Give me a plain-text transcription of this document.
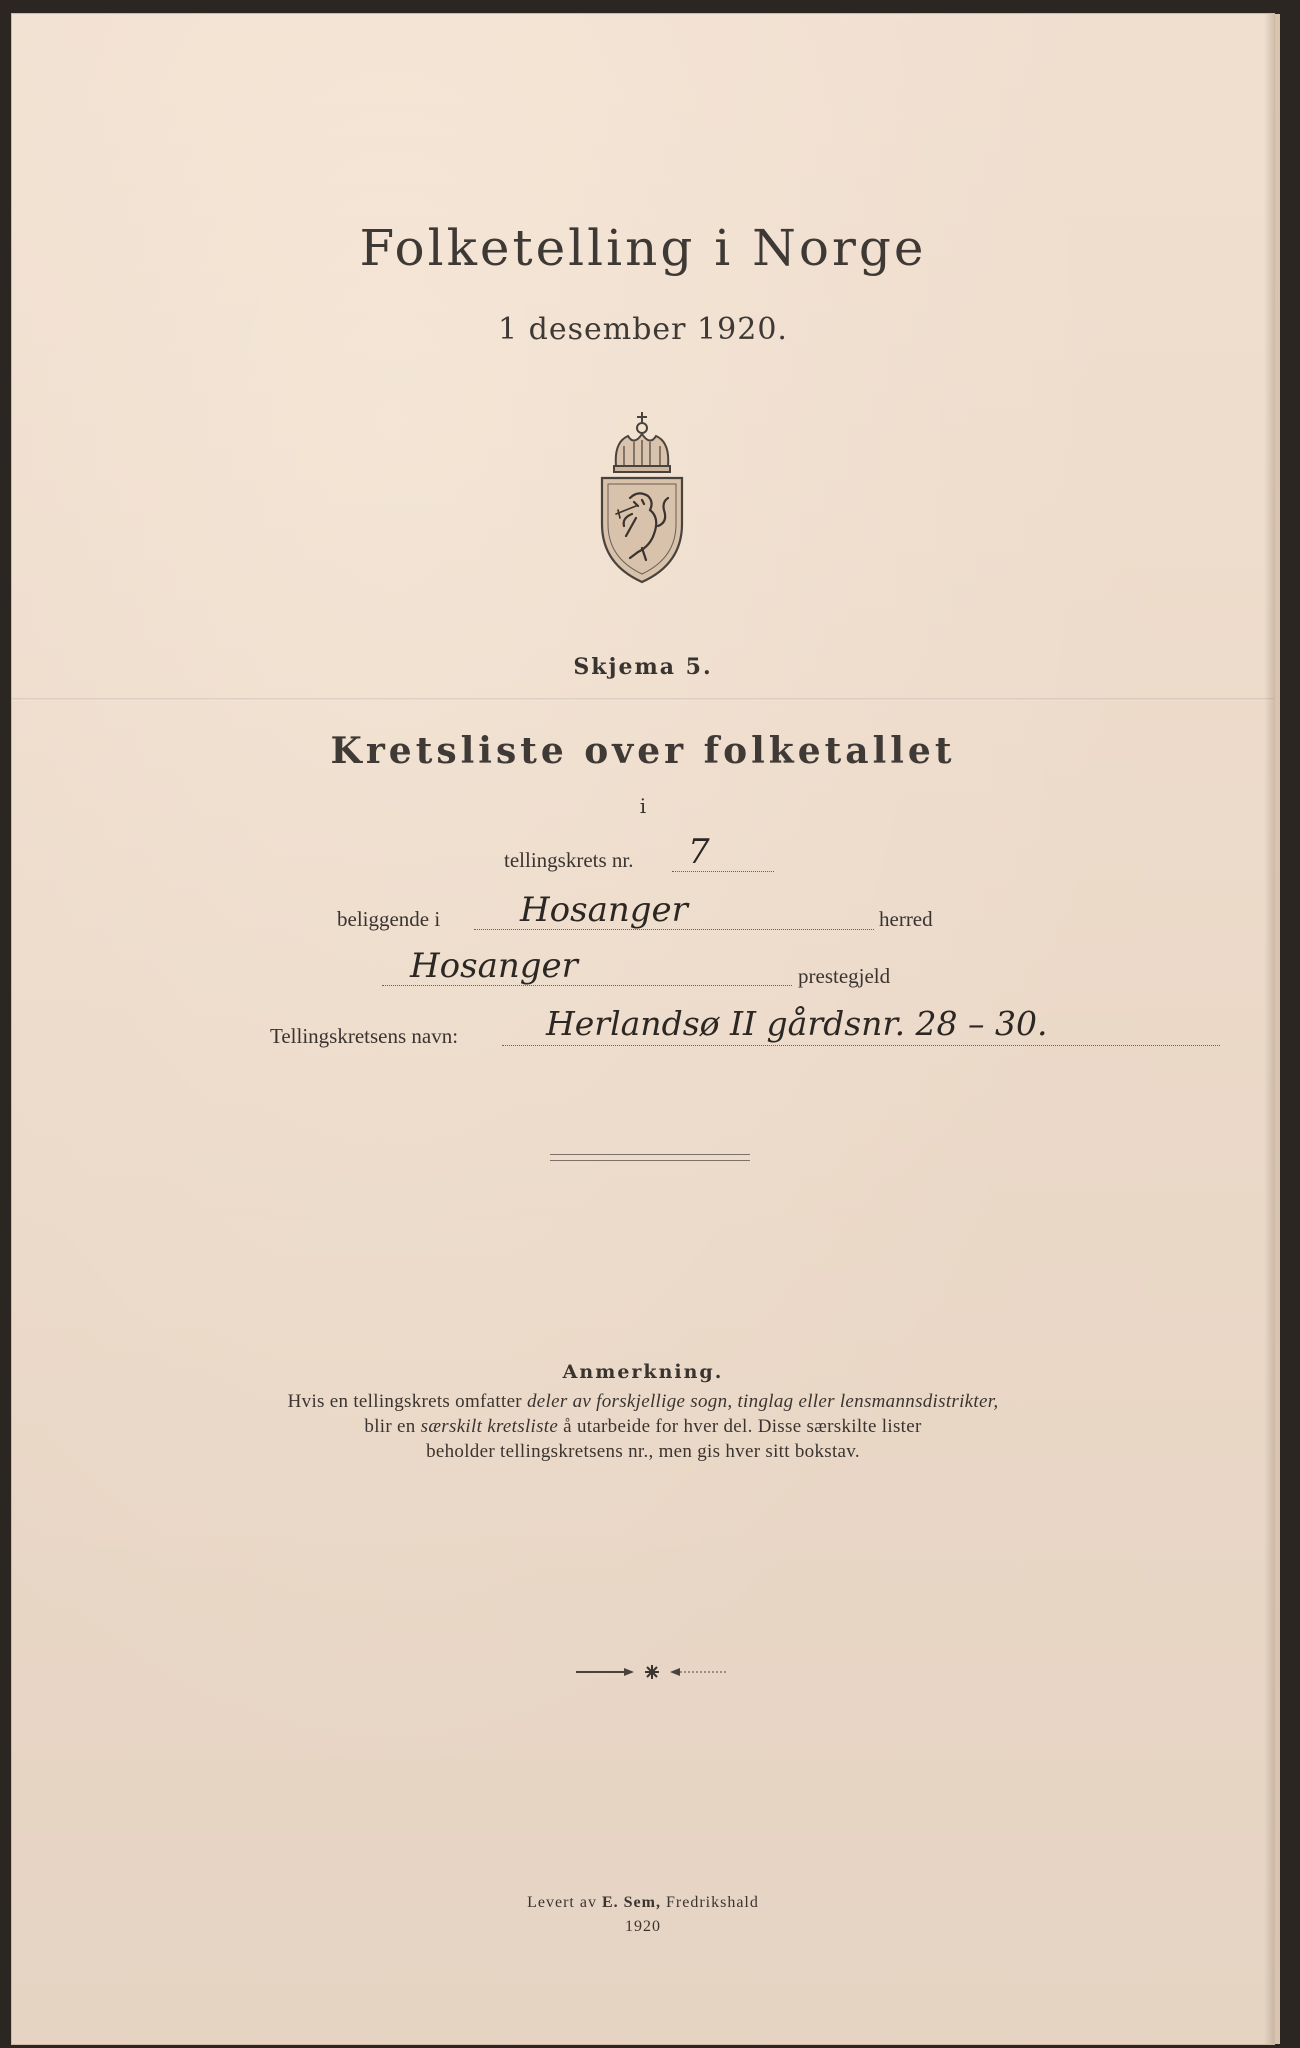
Folketelling i Norge
1 desember 1920.
Skjema 5.
Kretsliste over folketallet
i
tellingskrets nr. 7
beliggende i Hosanger	herred
Hosanger	prestegjeld
Tellingskretsens navn:	Herlandsø II gårdsnr. 28 – 30.
Anmerkning.
Hvis en tellingskrets omfatter deler av forskjellige sogn, tinglag eller lensmannsdistrikter,
blir en særskilt kretsliste å utarbeide for hver del. Disse særskilte lister
beholder tellingskretsens nr., men gis hver sitt bokstav.
Levert av E. Sem, Fredrikshald
1920
